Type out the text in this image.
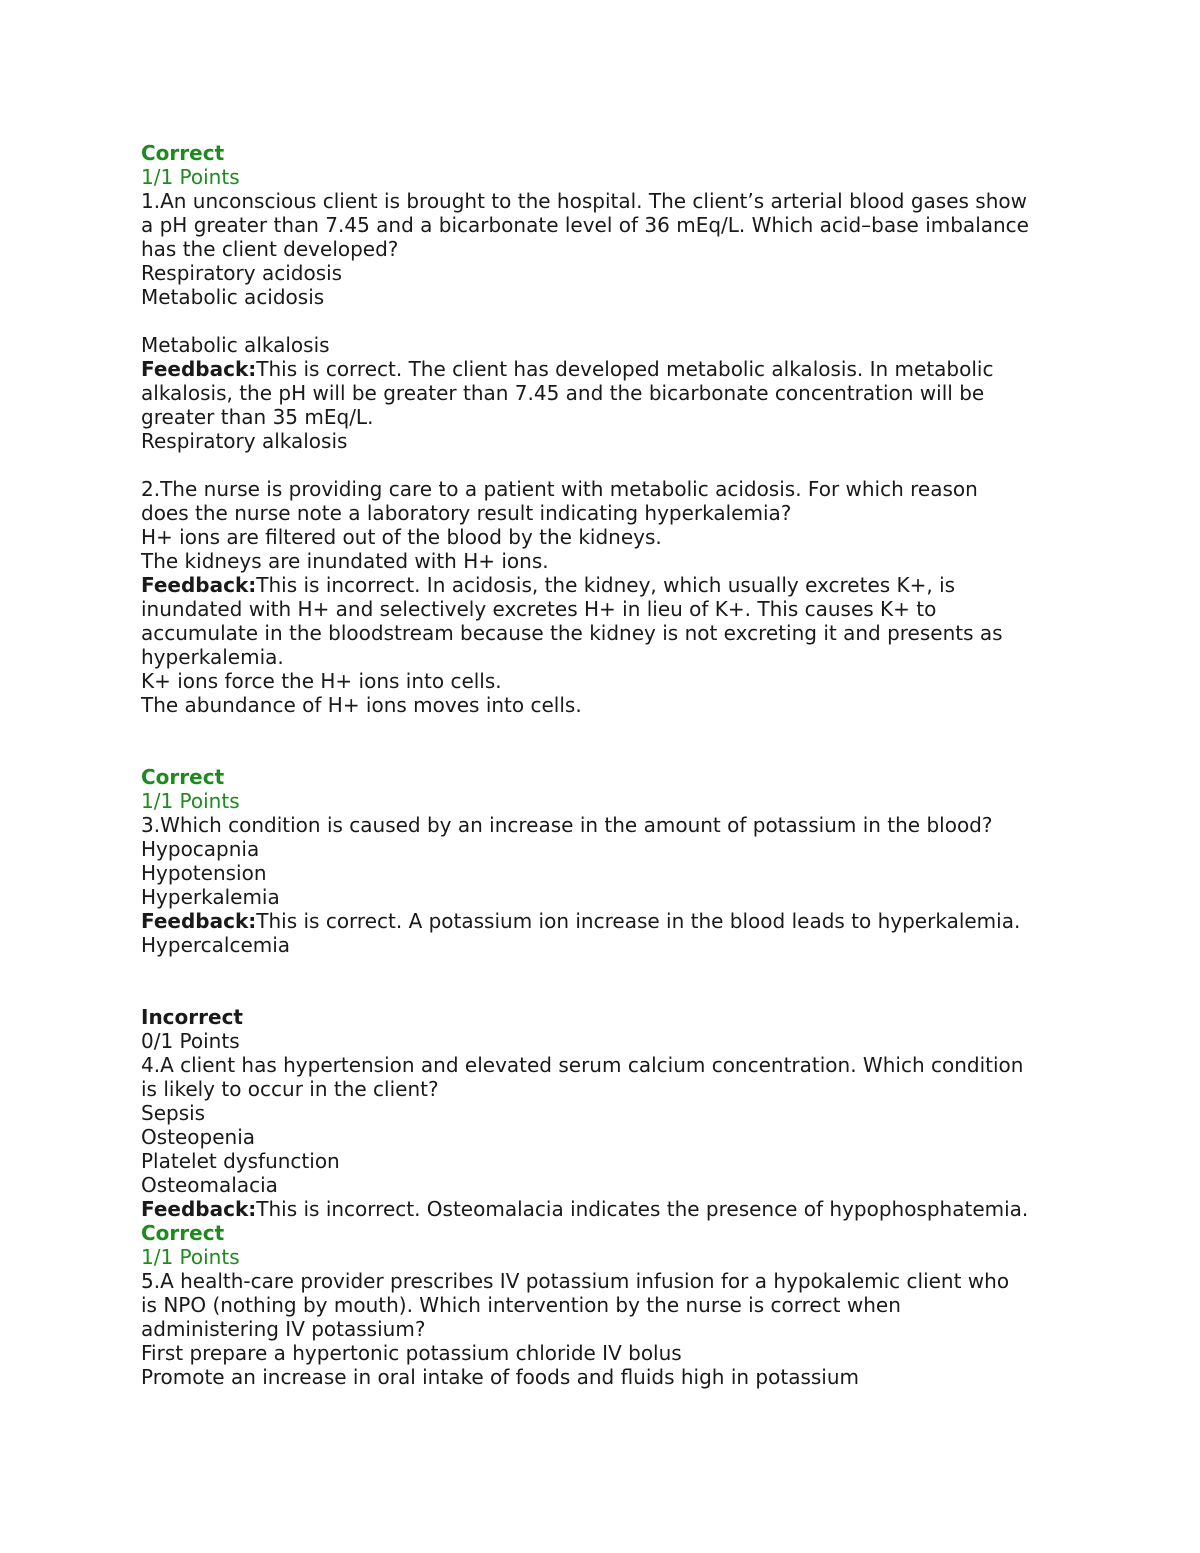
Correct
1/1 Points
1.An unconscious client is brought to the hospital. The client’s arterial blood gases show
a pH greater than 7.45 and a bicarbonate level of 36 mEq/L. Which acid–base imbalance
has the client developed?
Respiratory acidosis
Metabolic acidosis
Metabolic alkalosis
Feedback:This is correct. The client has developed metabolic alkalosis. In metabolic
alkalosis, the pH will be greater than 7.45 and the bicarbonate concentration will be
greater than 35 mEq/L.
Respiratory alkalosis
2.The nurse is providing care to a patient with metabolic acidosis. For which reason
does the nurse note a laboratory result indicating hyperkalemia?
H+ ions are filtered out of the blood by the kidneys.
The kidneys are inundated with H+ ions.
Feedback:This is incorrect. In acidosis, the kidney, which usually excretes K+, is
inundated with H+ and selectively excretes H+ in lieu of K+. This causes K+ to
accumulate in the bloodstream because the kidney is not excreting it and presents as
hyperkalemia.
K+ ions force the H+ ions into cells.
The abundance of H+ ions moves into cells.
Correct
1/1 Points
3.Which condition is caused by an increase in the amount of potassium in the blood?
Hypocapnia
Hypotension
Hyperkalemia
Feedback:This is correct. A potassium ion increase in the blood leads to hyperkalemia.
Hypercalcemia
Incorrect
0/1 Points
4.A client has hypertension and elevated serum calcium concentration. Which condition
is likely to occur in the client?
Sepsis
Osteopenia
Platelet dysfunction
Osteomalacia
Feedback:This is incorrect. Osteomalacia indicates the presence of hypophosphatemia.
Correct
1/1 Points
5.A health-care provider prescribes IV potassium infusion for a hypokalemic client who
is NPO (nothing by mouth). Which intervention by the nurse is correct when
administering IV potassium?
First prepare a hypertonic potassium chloride IV bolus
Promote an increase in oral intake of foods and fluids high in potassium
